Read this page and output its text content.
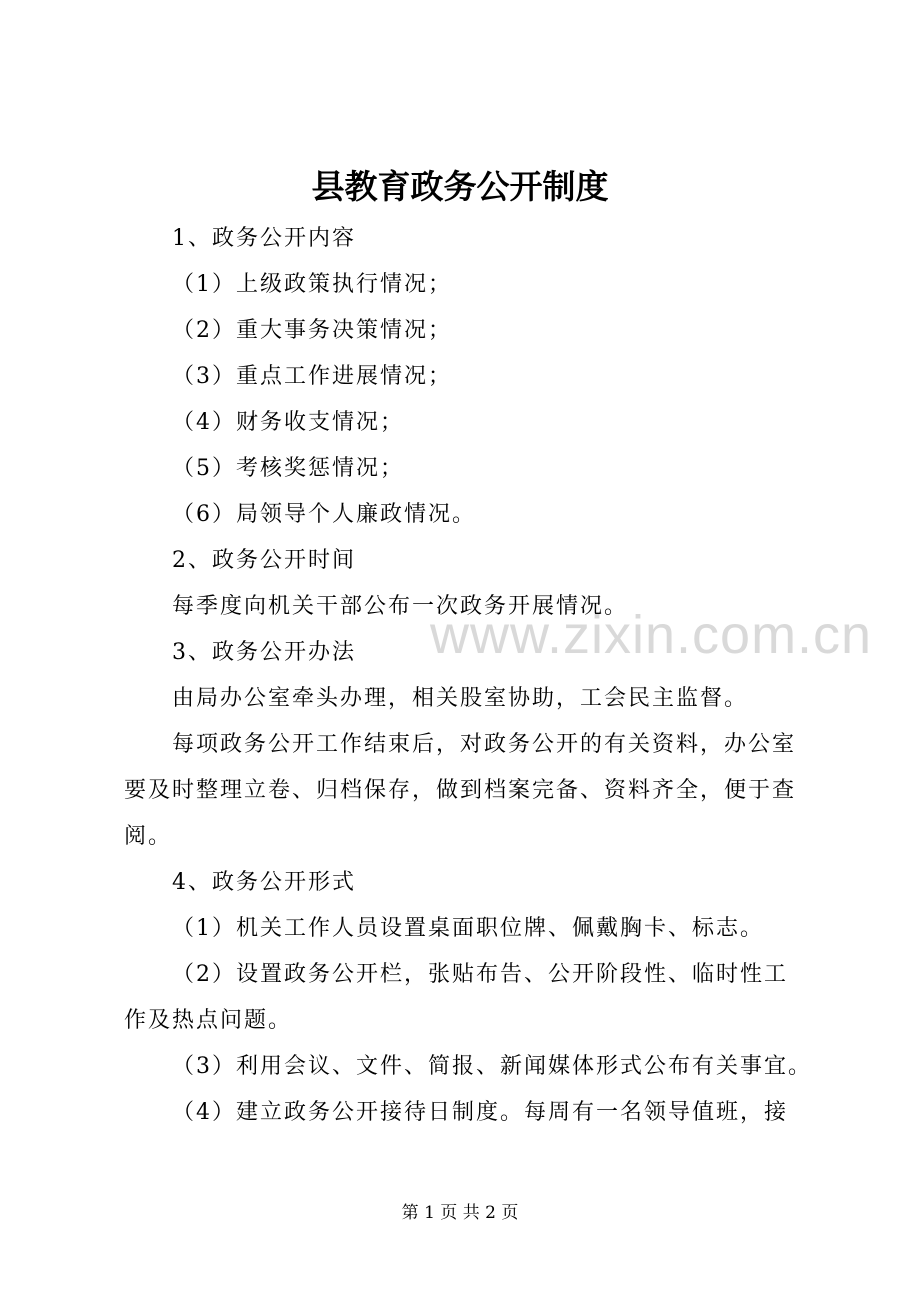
www.zixin.com.cn
县教育政务公开制度
1、政务公开内容
（1）上级政策执行情况；
（2）重大事务决策情况；
（3）重点工作进展情况；
（4）财务收支情况；
（5）考核奖惩情况；
（6）局领导个人廉政情况。
2、政务公开时间
每季度向机关干部公布一次政务开展情况。
3、政务公开办法
由局办公室牵头办理，相关股室协助，工会民主监督。
每项政务公开工作结束后，对政务公开的有关资料，办公室
要及时整理立卷、归档保存，做到档案完备、资料齐全，便于查
阅。
4、政务公开形式
（1）机关工作人员设置桌面职位牌、佩戴胸卡、标志。
（2）设置政务公开栏，张贴布告、公开阶段性、临时性工
作及热点问题。
（3）利用会议、文件、简报、新闻媒体形式公布有关事宜。
（4）建立政务公开接待日制度。每周有一名领导值班，接
第 1 页 共 2 页
